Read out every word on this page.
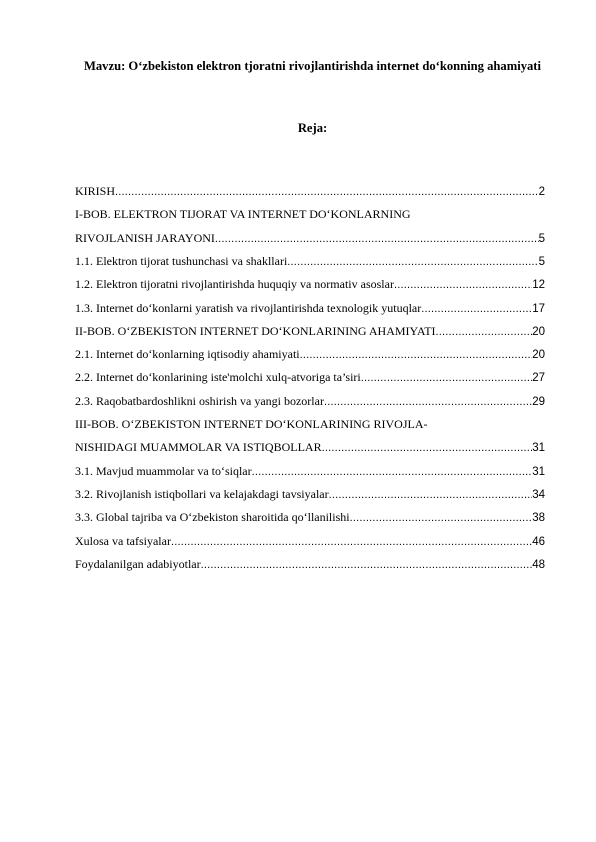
Mavzu: O‘zbekiston elektron tjoratni rivojlantirishda internet do‘konning ahamiyati
Reja:
KIRISH .....	2
I-BOB. ELEKTRON TIJORAT VA INTERNET DO‘KONLARNING
RIVOJLANISH JARAYONI .....	5
1.1. Elektron tijorat tushunchasi va shakllari .....	5
1.2. Elektron tijoratni rivojlantirishda huquqiy va normativ asoslar .....	12
1.3. Internet do‘konlarni yaratish va rivojlantirishda texnologik yutuqlar .....	17
II-BOB. O‘ZBEKISTON INTERNET DO‘KONLARINING AHAMIYATI .....	20
2.1. Internet do‘konlarning iqtisodiy ahamiyati .....	20
2.2. Internet do‘konlarining iste'molchi xulq-atvoriga ta’siri .....	27
2.3. Raqobatbardoshlikni oshirish va yangi bozorlar .....	29
III-BOB. O‘ZBEKISTON INTERNET DO‘KONLARINING RIVOJLA-
NISHIDAGI MUAMMOLAR VA ISTIQBOLLAR .....	31
3.1. Mavjud muammolar va to‘siqlar .....	31
3.2. Rivojlanish istiqbollari va kelajakdagi tavsiyalar .....	34
3.3. Global tajriba va O‘zbekiston sharoitida qo‘llanilishi .....	38
Xulosa va tafsiyalar .....	46
Foydalanilgan adabiyotlar .....	48
